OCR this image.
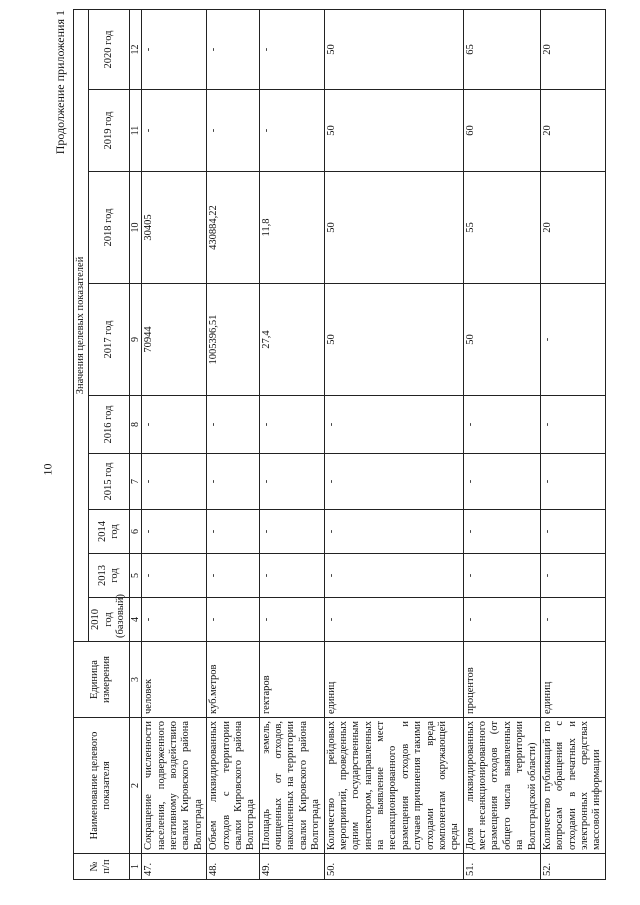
10
Продолжение приложения 1
№
п/п	Наименование целевого показателя	Единица измерения	Значения целевых показателей								
			2010 год (базовый)	2013 год	2014 год	2015 год	2016 год	2017 год	2018 год	2019 год	2020 год
1	2	3	4	5	6	7	8	9	10	11	12
47.	Сокращение численности населения, подверженного негативному воздействию свалки Кировского района Волгограда	человек	-	-	-	-	-	70944	30405	-	-
48.	Объем ликвидированных отходов с территории свалки Кировского района Волгограда	куб.метров	-	-	-	-	-	1005396,51	430884,22	-	-
49.	Площадь земель, очищенных от отходов, накопленных на территории свалки Кировского района Волгограда	гектаров	-	-	-	-	-	27,4	11,8	-	-
50.	Количество рейдовых мероприятий, проведенных одним государственным инспектором, направленных на выявление мест несанкционированного размещения отходов и случаев причинения такими отходами вреда компонентам окружающей среды	единиц	-	-	-	-	-	50	50	50	50
51.	Доля ликвидированных мест несанкционированного размещения отходов (от общего числа выявленных на территории Волгоградской области)	процентов	-	-	-	-	-	50	55	60	65
52.	Количество публикаций по вопросам обращения с отходами в печатных и электронных средствах массовой информации	единиц	-	-	-	-	-	-	20	20	20
